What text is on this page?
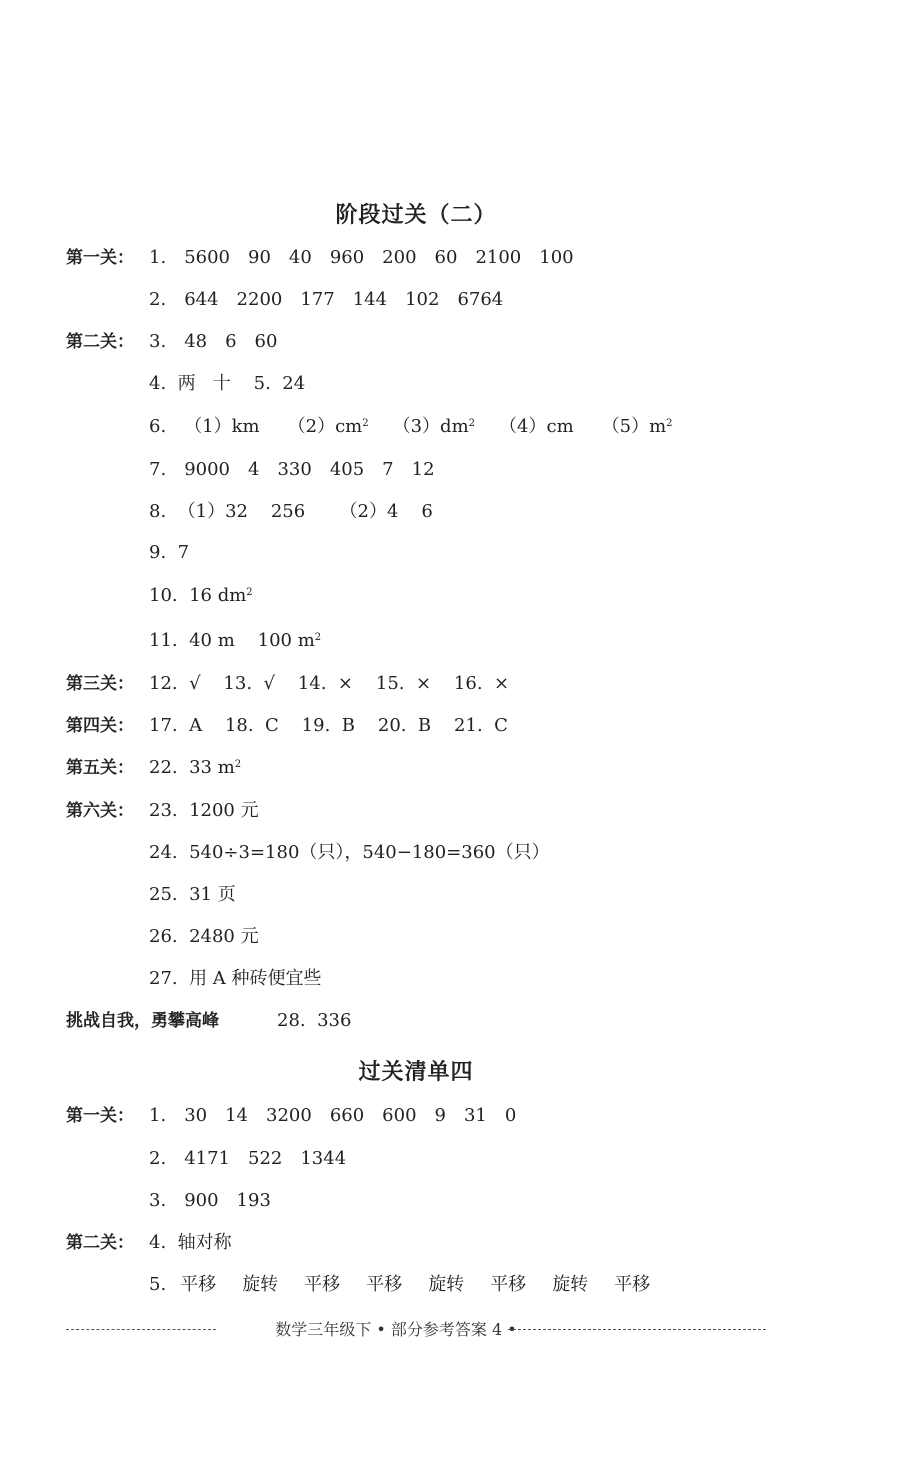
阶段过关（二）
第一关： 1. 5600 90 40 960 200 60 2100 100
2. 644 2200 177 144 102 6764
第二关： 3. 48 6 60
4.  两   十    5.  24
6. （1）km $(2)cm^2$ $(3)dm^2$ （4）cm $(5)m^2$
7. 9000 4 330 405 7 12
8.  （1）32    256      （2）4    6
9.  7
10.  16 $dm^2$
11.  40 m    100 $m^2$
第三关： 12.  √    13.  √    14.  ×    15.  ×    16.  ×
第四关： 17.  A    18.  C    19.  B    20.  B    21.  C
第五关： 22.  33 $m^2$
第六关： 23.  1200 元
24.  540÷3=180（只），540−180=360（只）
25.  31 页
26.  2480 元
27.  用 A 种砖便宜些
挑战自我，勇攀高峰	28.  336
过关清单四
第一关： 1. 30 14 3200 660 600 9 31 0
2. 4171 522 1344
3. 900 193
第二关： 4.  轴对称
5. 平移 旋转 平移 平移 旋转 平移 旋转 平移
数学三年级下 • 部分参考答案 4 •
